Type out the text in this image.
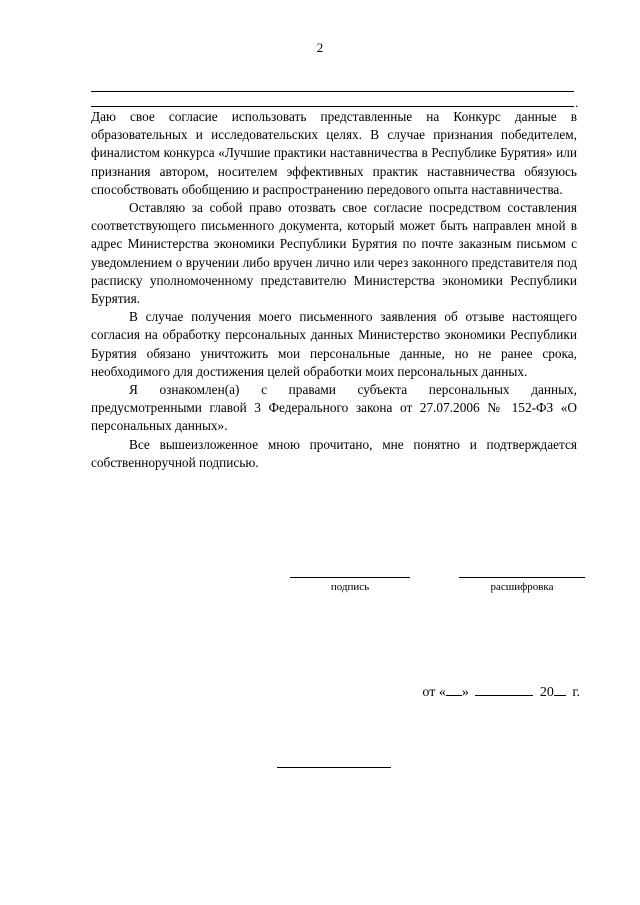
2
.

Даю свое согласие использовать представленные на Конкурс данные в образовательных и исследовательских целях. В случае признания победителем, финалистом конкурса «Лучшие практики наставничества в Республике Бурятия» или признания автором, носителем эффективных практик наставничества обязуюсь способствовать обобщению и распространению передового опыта наставничества.

Оставляю за собой право отозвать свое согласие посредством составления соответствующего письменного документа, который может быть направлен мной в адрес Министерства экономики Республики Бурятия по почте заказным письмом с уведомлением о вручении либо вручен лично или через законного представителя под расписку уполномоченному представителю Министерства экономики Республики Бурятия.

В случае получения моего письменного заявления об отзыве настоящего согласия на обработку персональных данных Министерство экономики Республики Бурятия обязано уничтожить мои персональные данные, но не ранее срока, необходимого для достижения целей обработки моих персональных данных.

Я ознакомлен(а) с правами субъекта персональных данных, предусмотренными главой 3 Федерального закона от 27.07.2006 № 152-ФЗ «О персональных данных».

Все вышеизложенное мною прочитано, мне понятно и подтверждается собственноручной подписью.

подпись	расшифровка
от « »	20 г.
